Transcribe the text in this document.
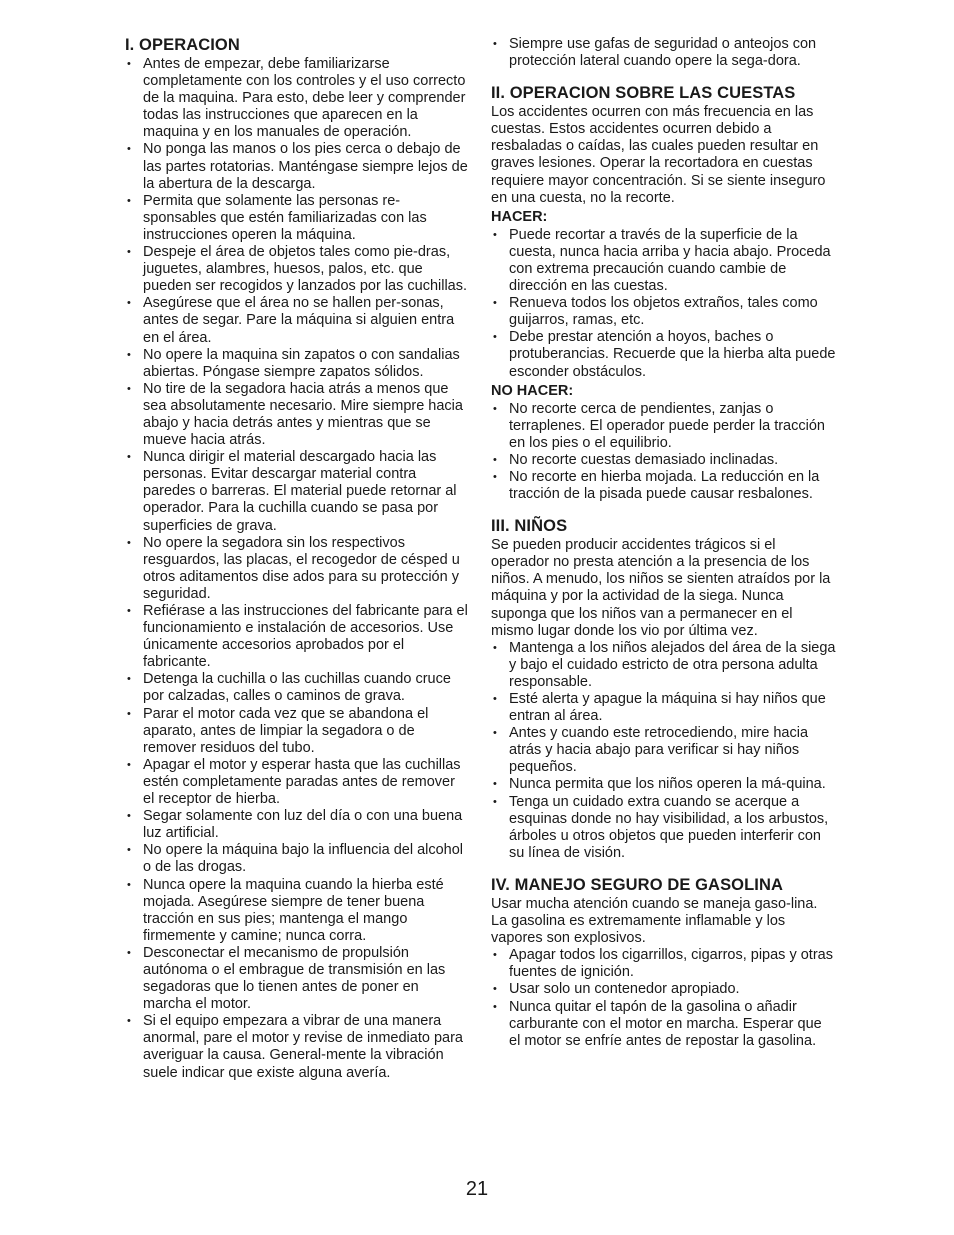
I. OPERACION
• Antes de empezar, debe familiarizarse completamente con los controles y el uso correcto de la maquina. Para esto, debe leer y comprender todas las instrucciones que aparecen en la maquina y en los manuales de operación.
• No ponga las manos o los pies cerca o debajo de las partes rotatorias. Manténgase siempre lejos de la abertura de la descarga.
• Permita que solamente las personas re-sponsables que estén familiarizadas con las instrucciones operen la máquina.
• Despeje el área de objetos tales como pie-dras, juguetes, alambres, huesos, palos, etc. que pueden ser recogidos y lanzados por las cuchillas.
• Asegúrese que el área no se hallen per-sonas, antes de segar. Pare la máquina si alguien entra en el área.
• No opere la maquina sin zapatos o con sandalias abiertas. Póngase siempre zapatos sólidos.
• No tire de la segadora hacia atrás a menos que sea absolutamente necesario. Mire siempre hacia abajo y hacia detrás antes y mientras que se mueve hacia atrás.
• Nunca dirigir el material descargado hacia las personas. Evitar descargar material contra paredes o barreras. El material puede retornar al operador. Para la cuchilla cuando se pasa por superficies de grava.
• No opere la segadora sin los respectivos resguardos, las placas, el recogedor de césped u otros aditamentos dise ados para su protección y seguridad.
• Refiérase a las instrucciones del fabricante para el funcionamiento e instalación de accesorios. Use únicamente accesorios aprobados por el fabricante.
• Detenga la cuchilla o las cuchillas cuando cruce por calzadas, calles o caminos de grava.
• Parar el motor cada vez que se abandona el aparato, antes de limpiar la segadora o de remover residuos del tubo.
• Apagar el motor y esperar hasta que las cuchillas estén completamente paradas antes de remover el receptor de hierba.
• Segar solamente con luz del día o con una buena luz artificial.
• No opere la máquina bajo la influencia del alcohol o de las drogas.
• Nunca opere la maquina cuando la hierba esté mojada. Asegúrese siempre de tener buena tracción en sus pies; mantenga el mango firmemente y camine; nunca corra.
• Desconectar el mecanismo de propulsión autónoma o el embrague de transmisión en las segadoras que lo tienen antes de poner en marcha el motor.
• Si el equipo empezara a vibrar de una manera anormal, pare el motor y revise de inmediato para averiguar la causa. General-mente la vibración suele indicar que existe alguna avería.
• Siempre use gafas de seguridad o anteojos con protección lateral cuando opere la sega-dora.
II. OPERACION SOBRE LAS CUESTAS

Los accidentes ocurren con más frecuencia en las cuestas. Estos accidentes ocurren debido a resbaladas o caídas, las cuales pueden resultar en graves lesiones. Operar la recortadora en cuestas requiere mayor concentración. Si se siente inseguro en una cuesta, no la recorte.

HACER:
• Puede recortar a través de la superficie de la cuesta, nunca hacia arriba y hacia abajo. Proceda con extrema precaución cuando cambie de dirección en las cuestas.
• Renueva todos los objetos extraños, tales como guijarros, ramas, etc.
• Debe prestar atención a hoyos, baches o protuberancias. Recuerde que la hierba alta puede esconder obstáculos.
NO HACER:
• No recorte cerca de pendientes, zanjas o terraplenes. El operador puede perder la tracción en los pies o el equilibrio.
• No recorte cuestas demasiado inclinadas.
• No recorte en hierba mojada. La reducción en la tracción de la pisada puede causar resbalones.
III. NIÑOS

Se pueden producir accidentes trágicos si el operador no presta atención a la presencia de los niños. A menudo, los niños se sienten atraídos por la máquina y por la actividad de la siega. Nunca suponga que los niños van a permanecer en el mismo lugar donde los vio por última vez.

• Mantenga a los niños alejados del área de la siega y bajo el cuidado estricto de otra persona adulta responsable.
• Esté alerta y apague la máquina si hay niños que entran al área.
• Antes y cuando este retrocediendo, mire hacia atrás y hacia abajo para verificar si hay niños pequeños.
• Nunca permita que los niños operen la má-quina.
• Tenga un cuidado extra cuando se acerque a esquinas donde no hay visibilidad, a los arbustos, árboles u otros objetos que pueden interferir con su línea de visión.
IV. MANEJO SEGURO DE GASOLINA

Usar mucha atención cuando se maneja gaso-lina. La gasolina es extremamente inflamable y los vapores son explosivos.

• Apagar todos los cigarrillos, cigarros, pipas y otras fuentes de ignición.
• Usar solo un contenedor apropiado.
• Nunca quitar el tapón de la gasolina o añadir carburante con el motor en marcha. Esperar que el motor se enfríe antes de repostar la gasolina.
21
